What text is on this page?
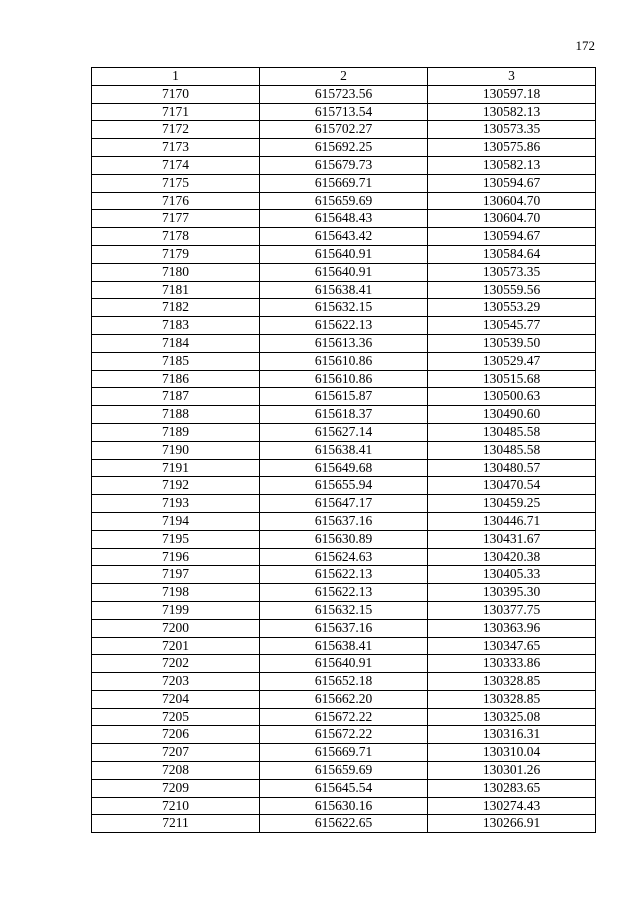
172
1	2	3
7170	615723.56	130597.18
7171	615713.54	130582.13
7172	615702.27	130573.35
7173	615692.25	130575.86
7174	615679.73	130582.13
7175	615669.71	130594.67
7176	615659.69	130604.70
7177	615648.43	130604.70
7178	615643.42	130594.67
7179	615640.91	130584.64
7180	615640.91	130573.35
7181	615638.41	130559.56
7182	615632.15	130553.29
7183	615622.13	130545.77
7184	615613.36	130539.50
7185	615610.86	130529.47
7186	615610.86	130515.68
7187	615615.87	130500.63
7188	615618.37	130490.60
7189	615627.14	130485.58
7190	615638.41	130485.58
7191	615649.68	130480.57
7192	615655.94	130470.54
7193	615647.17	130459.25
7194	615637.16	130446.71
7195	615630.89	130431.67
7196	615624.63	130420.38
7197	615622.13	130405.33
7198	615622.13	130395.30
7199	615632.15	130377.75
7200	615637.16	130363.96
7201	615638.41	130347.65
7202	615640.91	130333.86
7203	615652.18	130328.85
7204	615662.20	130328.85
7205	615672.22	130325.08
7206	615672.22	130316.31
7207	615669.71	130310.04
7208	615659.69	130301.26
7209	615645.54	130283.65
7210	615630.16	130274.43
7211	615622.65	130266.91
